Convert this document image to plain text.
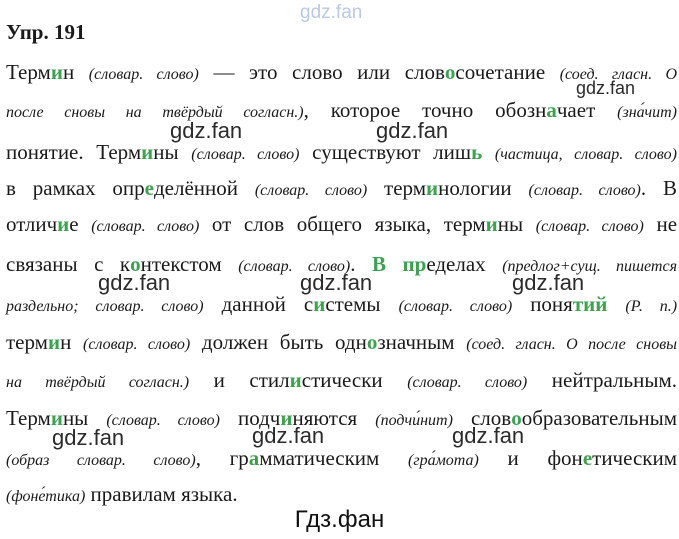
gdz.fan
Упр. 191
Термин (словар. слово) — это слово или словосочетание (соед. гласн. О
после сновы на твёрдый согласн.), которое точно обозначает (зна́чит)
понятие. Термины (словар. слово) существуют лишь (частица, словар. слово)
в рамках определённой (словар. слово) терминологии (словар. слово). В
отличие (словар. слово) от слов общего языка, термины (словар. слово) не
связаны с контекстом (словар. слово). В пределах (предлог+сущ. пишется
раздельно; словар. слово) данной системы (словар. слово) понятий (Р. п.)
термин (словар. слово) должен быть однозначным (соед. гласн. О после сновы
на твёрдый согласн.) и стилистически (словар. слово) нейтральным.
Термины (словар. слово) подчиняются (подчи́нит) словообразовательным
(образ словар. слово), грамматическим (гра́мота) и фонетическим
(фоне́тика) правилам языка.
gdz.fan
gdz.fan	gdz.fan
gdz.fan	gdz.fan	gdz.fan
gdz.fan	gdz.fan	gdz.fan
Гдз.фан
